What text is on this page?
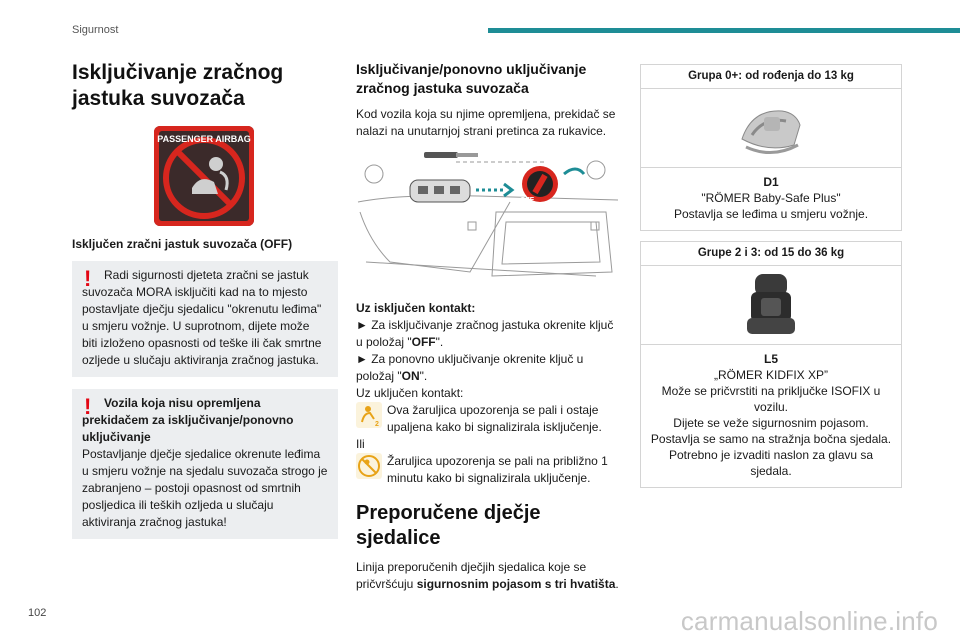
Sigurnost
Isključivanje zračnog jastuka suvozača
PASSENGER AIRBAG

Isključen zračni jastuk suvozača (OFF)

!	Radi sigurnosti djeteta zračni se jastuk suvozača MORA isključiti kad na to mjesto postavljate dječju sjedalicu "okrenutu leđima" u smjeru vožnje. U suprotnom, dijete može biti izloženo opasnosti od teške ili čak smrtne ozljede u slučaju aktiviranja zračnog jastuka.
!	Vozila koja nisu opremljena prekidačem za isključivanje/ponovno uključivanje
Postavljanje dječje sjedalice okrenute leđima u smjeru vožnje na sjedalu suvozača strogo je zabranjeno – postoji opasnost od smrtnih posljedica ili teških ozljeda u slučaju aktiviranja zračnog jastuka!
Isključivanje/ponovno uključivanje zračnog jastuka suvozača

Kod vozila koja su njime opremljena, prekidač se nalazi na unutarnjoj strani pretinca za rukavice.

ON
OFF

Uz isključen kontakt:

► Za isključivanje zračnog jastuka okrenite ključ u položaj "OFF".

► Za ponovno uključivanje okrenite ključ u položaj "ON".

Uz uključen kontakt:

2
Ova žaruljica upozorenja se pali i ostaje upaljena kako bi signalizirala isključenje.

Ili

Žaruljica upozorenja se pali na približno 1 minutu kako bi signalizirala uključenje.
Preporučene dječje sjedalice

Linija preporučenih dječjih sjedalica koje se pričvršćuju sigurnosnim pojasom s tri hvatišta.

Grupa 0+: od rođenja do 13 kg
D1
"RÖMER Baby-Safe Plus"
Postavlja se leđima u smjeru vožnje.
Grupe 2 i 3: od 15 do 36 kg
L5
„RÖMER KIDFIX XP”
Može se pričvrstiti na priključke ISOFIX u vozilu.
Dijete se veže sigurnosnim pojasom.
Postavlja se samo na stražnja bočna sjedala.
Potrebno je izvaditi naslon za glavu sa sjedala.
102	carmanualsonline.info
